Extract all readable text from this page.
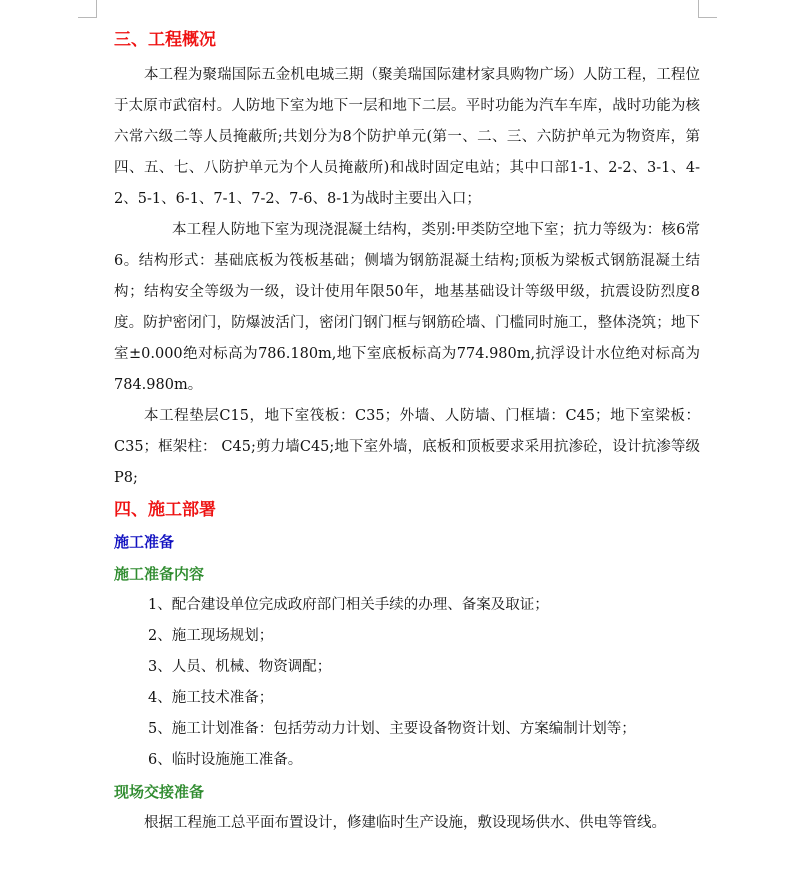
三、工程概况

本工程为聚瑞国际五金机电城三期（聚美瑞国际建材家具购物广场）人防工程，工程位于太原市武宿村。人防地下室为地下一层和地下二层。平时功能为汽车车库，战时功能为核六常六级二等人员掩蔽所;共划分为8个防护单元(第一、二、三、六防护单元为物资库，第四、五、七、八防护单元为个人员掩蔽所)和战时固定电站；其中口部1-1、2-2、3-1、4-2、5-1、6-1、7-1、7-2、7-6、8-1为战时主要出入口；

本工程人防地下室为现浇混凝土结构，类别:甲类防空地下室；抗力等级为：核6常6。结构形式：基础底板为筏板基础；侧墙为钢筋混凝土结构;顶板为梁板式钢筋混凝土结构；结构安全等级为一级，设计使用年限50年，地基基础设计等级甲级，抗震设防烈度8度。防护密闭门，防爆波活门，密闭门钢门框与钢筋砼墙、门槛同时施工，整体浇筑；地下室±0.000绝对标高为786.180m,地下室底板标高为774.980m,抗浮设计水位绝对标高为784.980m。

本工程垫层C15，地下室筏板：C35；外墙、人防墙、门框墙：C45；地下室梁板：C35；框架柱： C45;剪力墙C45;地下室外墙，底板和顶板要求采用抗渗砼，设计抗渗等级P8;

四、施工部署
施工准备
施工准备内容
1、配合建设单位完成政府部门相关手续的办理、备案及取证；
2、施工现场规划；
3、人员、机械、物资调配；
4、施工技术准备；
5、施工计划准备：包括劳动力计划、主要设备物资计划、方案编制计划等；
6、临时设施施工准备。
现场交接准备

根据工程施工总平面布置设计，修建临时生产设施，敷设现场供水、供电等管线。
